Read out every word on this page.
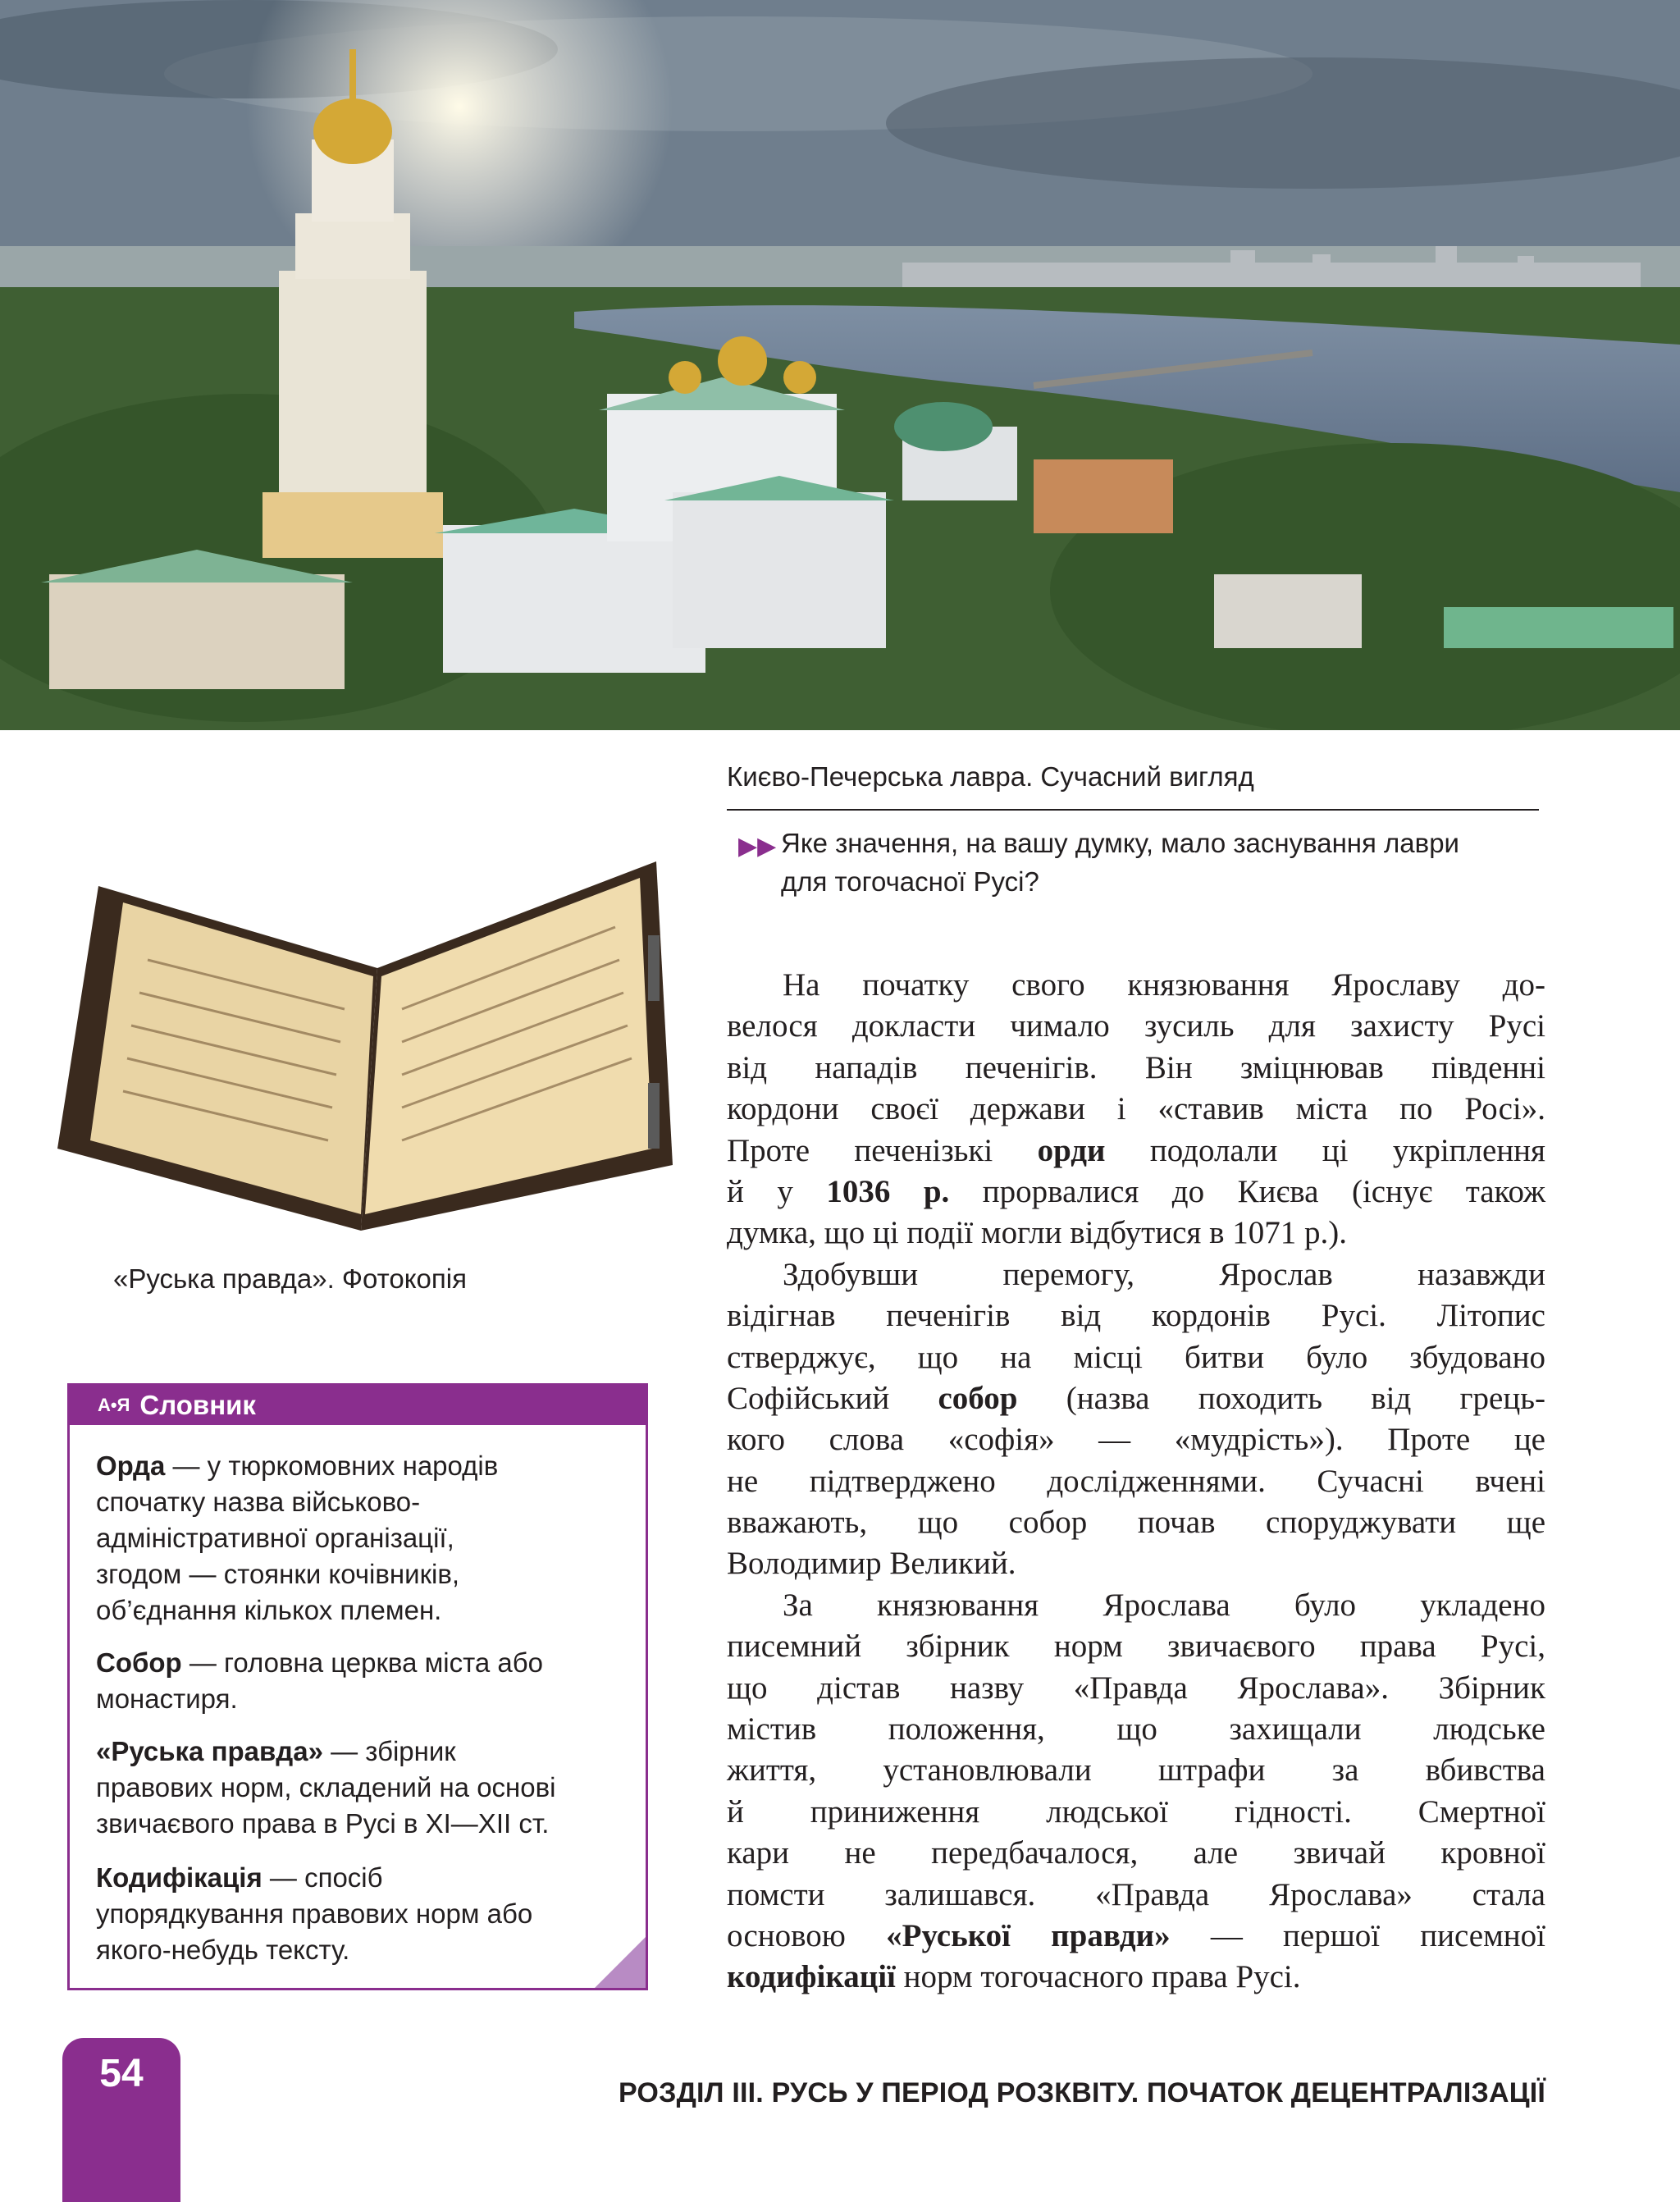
Києво-Печерська лавра. Сучасний вигляд
▶▶ Яке значення, на вашу думку, мало заснування лаври
для тогочасної Русі?
«Руська правда». Фотокопія
А•Я Словник
Орда — у тюркомовних народів
спочатку назва військово-
адміністративної організації,
згодом — стоянки кочівників,
об’єднання кількох племен.
Собор — головна церква міста або
монастиря.
«Руська правда» — збірник
правових норм, складений на основі
звичаєвого права в Русі в XI—XII ст.
Кодифікація — спосіб
упорядкування правових норм або
якого-небудь тексту.
На початку свого князювання Ярославу до-
велося докласти чимало зусиль для захисту Русі
від нападів печенігів. Він зміцнював південні
кордони своєї держави і «ставив міста по Росі».
Проте печенізькі орди подолали ці укріплення
й у 1036 р. прорвалися до Києва (існує також
думка, що ці події могли відбутися в 1071 р.).
Здобувши перемогу, Ярослав назавжди
відігнав печенігів від кордонів Русі. Літопис
стверджує, що на місці битви було збудовано
Софійський собор (назва походить від грець-
кого слова «софія» — «мудрість»). Проте це
не підтверджено дослідженнями. Сучасні вчені
вважають, що собор почав споруджувати ще
Володимир Великий.
За князювання Ярослава було укладено
писемний збірник норм звичаєвого права Русі,
що дістав назву «Правда Ярослава». Збірник
містив положення, що захищали людське
життя, установлювали штрафи за вбивства
й приниження людської гідності. Смертної
кари не передбачалося, але звичай кровної
помсти залишався. «Правда Ярослава» стала
основою «Руської правди» — першої писемної
кодифікації норм тогочасного права Русі.
54	РОЗДІЛ ІІІ. РУСЬ У ПЕРІОД РОЗКВІТУ. ПОЧАТОК ДЕЦЕНТРАЛІЗАЦІЇ
